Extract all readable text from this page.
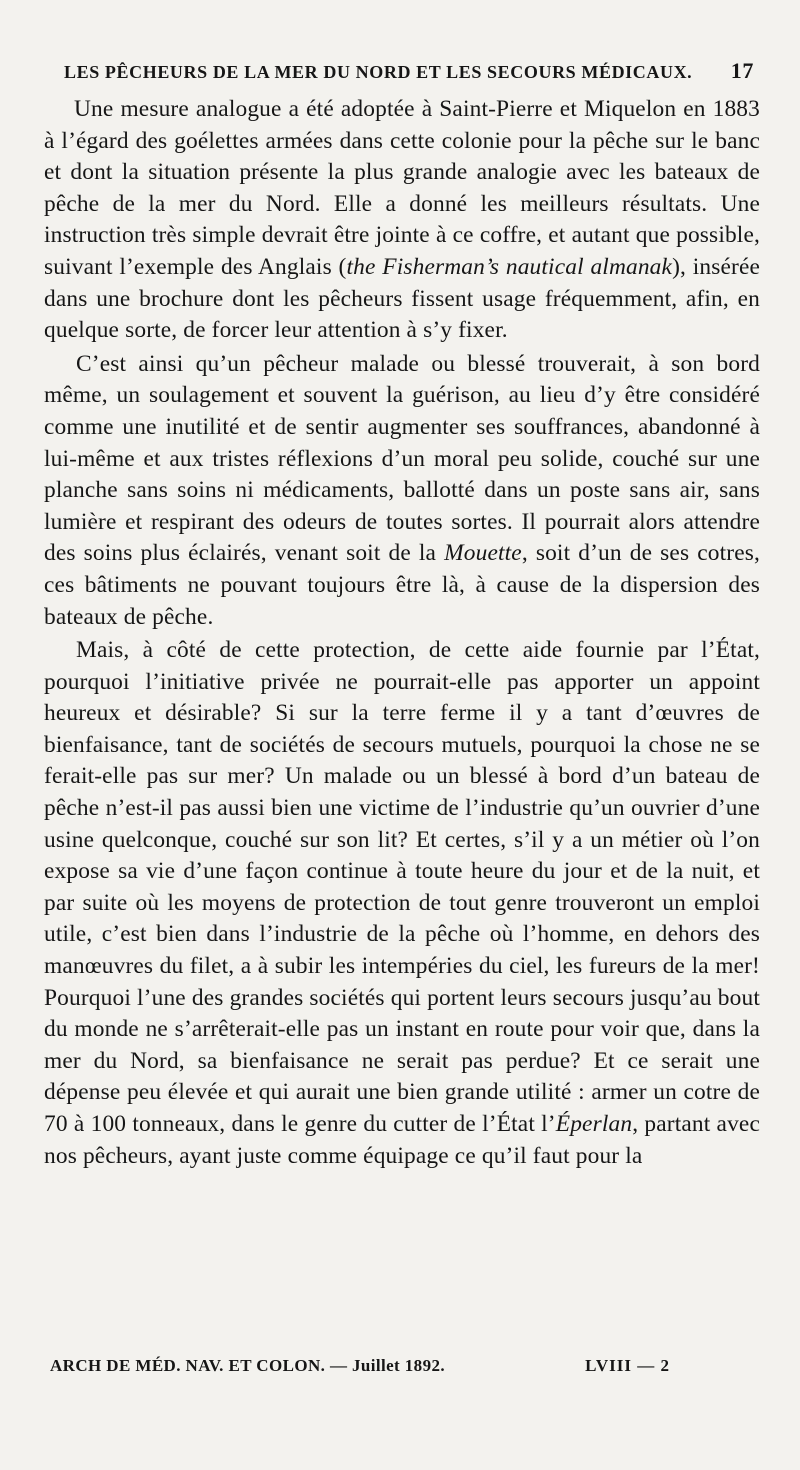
LES PÊCHEURS DE LA MER DU NORD ET LES SECOURS MÉDICAUX. 17

Une mesure analogue a été adoptée à Saint-Pierre et Miquelon en 1883 à l’égard des goélettes armées dans cette colonie pour la pêche sur le banc et dont la situation présente la plus grande analogie avec les bateaux de pêche de la mer du Nord. Elle a donné les meilleurs résultats. Une instruction très simple devrait être jointe à ce coffre, et autant que possible, suivant l’exemple des Anglais (the Fisherman’s nautical almanak), insérée dans une brochure dont les pêcheurs fissent usage fréquemment, afin, en quelque sorte, de forcer leur attention à s’y fixer.

C’est ainsi qu’un pêcheur malade ou blessé trouverait, à son bord même, un soulagement et souvent la guérison, au lieu d’y être considéré comme une inutilité et de sentir augmenter ses souffrances, abandonné à lui-même et aux tristes réflexions d’un moral peu solide, couché sur une planche sans soins ni médicaments, ballotté dans un poste sans air, sans lumière et respirant des odeurs de toutes sortes. Il pourrait alors attendre des soins plus éclairés, venant soit de la Mouette, soit d’un de ses cotres, ces bâtiments ne pouvant toujours être là, à cause de la dispersion des bateaux de pêche.

Mais, à côté de cette protection, de cette aide fournie par l’État, pourquoi l’initiative privée ne pourrait-elle pas apporter un appoint heureux et désirable? Si sur la terre ferme il y a tant d’œuvres de bienfaisance, tant de sociétés de secours mutuels, pourquoi la chose ne se ferait-elle pas sur mer? Un malade ou un blessé à bord d’un bateau de pêche n’est-il pas aussi bien une victime de l’industrie qu’un ouvrier d’une usine quelconque, couché sur son lit? Et certes, s’il y a un métier où l’on expose sa vie d’une façon continue à toute heure du jour et de la nuit, et par suite où les moyens de protection de tout genre trouveront un emploi utile, c’est bien dans l’industrie de la pêche où l’homme, en dehors des manœuvres du filet, a à subir les intempéries du ciel, les fureurs de la mer! Pourquoi l’une des grandes sociétés qui portent leurs secours jusqu’au bout du monde ne s’arrêterait-elle pas un instant en route pour voir que, dans la mer du Nord, sa bienfaisance ne serait pas perdue? Et ce serait une dépense peu élevée et qui aurait une bien grande utilité : armer un cotre de 70 à 100 tonneaux, dans le genre du cutter de l’État l’Éperlan, partant avec nos pêcheurs, ayant juste comme équipage ce qu’il faut pour la

ARCH DE MÉD. NAV. ET COLON. — Juillet 1892.	LVIII — 2
